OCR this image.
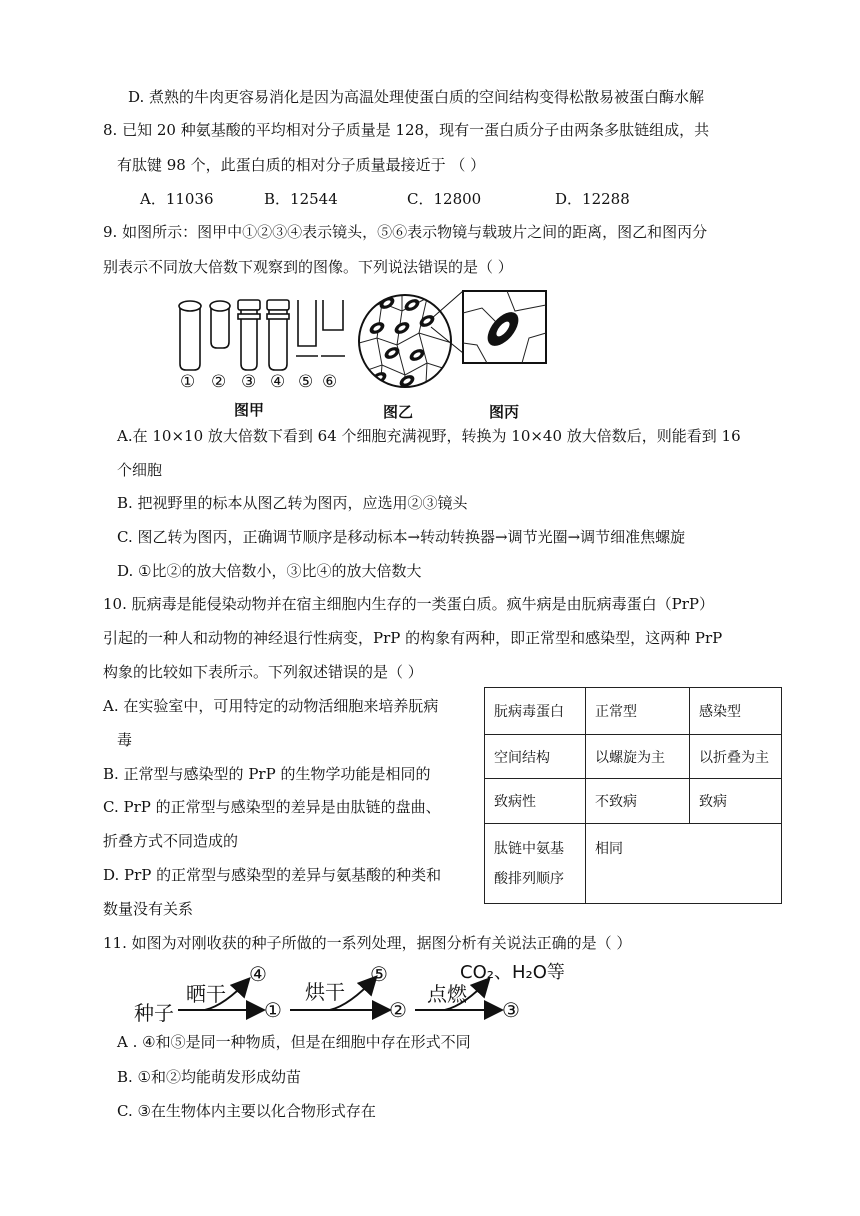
D. 煮熟的牛肉更容易消化是因为高温处理使蛋白质的空间结构变得松散易被蛋白酶水解
8. 已知 20 种氨基酸的平均相对分子质量是 128，现有一蛋白质分子由两条多肽链组成，共
有肽键 98 个，此蛋白质的相对分子质量最接近于 （ ）
A．11036	B．12544	C．12800	D．12288
9. 如图所示：图甲中①②③④表示镜头，⑤⑥表示物镜与载玻片之间的距离，图乙和图丙分
别表示不同放大倍数下观察到的图像。下列说法错误的是（ ）
① ② ③ ④ ⑤ ⑥
图甲	图乙	图丙
A.在 10×10 放大倍数下看到 64 个细胞充满视野，转换为 10×40 放大倍数后，则能看到 16
个细胞
B. 把视野里的标本从图乙转为图丙，应选用②③镜头
C. 图乙转为图丙，正确调节顺序是移动标本→转动转换器→调节光圈→调节细准焦螺旋
D. ①比②的放大倍数小，③比④的放大倍数大
10. 朊病毒是能侵染动物并在宿主细胞内生存的一类蛋白质。疯牛病是由朊病毒蛋白（PrP）
引起的一种人和动物的神经退行性病变，PrP 的构象有两种，即正常型和感染型，这两种 PrP
构象的比较如下表所示。下列叙述错误的是（ ）
A. 在实验室中，可用特定的动物活细胞来培养朊病
毒
B. 正常型与感染型的 PrP 的生物学功能是相同的
C. PrP 的正常型与感染型的差异是由肽链的盘曲、
折叠方式不同造成的
D. PrP 的正常型与感染型的差异与氨基酸的种类和
数量没有关系
朊病毒蛋白	正常型	感染型
空间结构	以螺旋为主	以折叠为主
致病性	不致病	致病

肽链中氨基
酸排列顺序	相同	
11. 如图为对刚收获的种子所做的一系列处理，据图分析有关说法正确的是（ ）
种子
晒干
④
①
烘干
⑤
②
点燃
CO₂、H₂O等
③
A . ④和⑤是同一种物质，但是在细胞中存在形式不同
B. ①和②均能萌发形成幼苗
C. ③在生物体内主要以化合物形式存在
